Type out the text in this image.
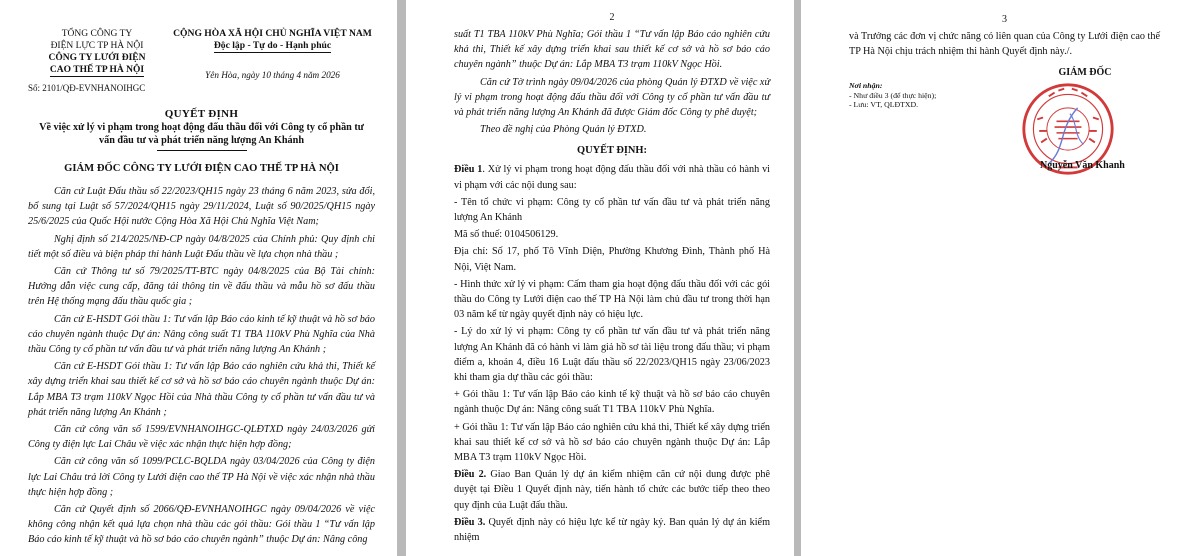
TỔNG CÔNG TY
ĐIỆN LỰC TP HÀ NỘI
CÔNG TY LƯỚI ĐIỆN
CAO THẾ TP HÀ NỘI
Số: 2101/QĐ-EVNHANOIHGC
CỘNG HÒA XÃ HỘI CHỦ NGHĨA VIỆT NAM
Độc lập - Tự do - Hạnh phúc
Yên Hòa, ngày 10 tháng 4 năm 2026
QUYẾT ĐỊNH
Về việc xử lý vi phạm trong hoạt động đấu thầu đối với Công ty cổ phần tư vấn đầu tư và phát triển năng lượng An Khánh
GIÁM ĐỐC CÔNG TY LƯỚI ĐIỆN CAO THẾ TP HÀ NỘI

Căn cứ Luật Đấu thầu số 22/2023/QH15 ngày 23 tháng 6 năm 2023, sửa đổi, bổ sung tại Luật số 57/2024/QH15 ngày 29/11/2024, Luật số 90/2025/QH15 ngày 25/6/2025 của Quốc Hội nước Cộng Hòa Xã Hội Chủ Nghĩa Việt Nam;

Nghị định số 214/2025/NĐ-CP ngày 04/8/2025 của Chính phủ: Quy định chi tiết một số điều và biện pháp thi hành Luật Đấu thầu về lựa chọn nhà thầu ;

Căn cứ Thông tư số 79/2025/TT-BTC ngày 04/8/2025 của Bộ Tài chính: Hướng dẫn việc cung cấp, đăng tải thông tin về đấu thầu và mẫu hồ sơ đấu thầu trên Hệ thống mạng đấu thầu quốc gia ;

Căn cứ E-HSDT Gói thầu 1: Tư vấn lập Báo cáo kinh tế kỹ thuật và hồ sơ báo cáo chuyên ngành thuộc Dự án: Nâng công suất T1 TBA 110kV Phù Nghĩa của Nhà thầu Công ty cổ phần tư vấn đầu tư và phát triển năng lượng An Khánh ;

Căn cứ E-HSDT Gói thầu 1: Tư vấn lập Báo cáo nghiên cứu khả thi, Thiết kế xây dựng triển khai sau thiết kế cơ sở và hồ sơ báo cáo chuyên ngành thuộc Dự án: Lắp MBA T3 trạm 110kV Ngọc Hồi của Nhà thầu Công ty cổ phần tư vấn đầu tư và phát triển năng lượng An Khánh ;

Căn cứ công văn số 1599/EVNHANOIHGC-QLĐTXD ngày 24/03/2026 gửi Công ty điện lực Lai Châu về việc xác nhận thực hiện hợp đồng;

Căn cứ công văn số 1099/PCLC-BQLDA ngày 03/04/2026 của Công ty điện lực Lai Châu trả lời Công ty Lưới điện cao thế TP Hà Nội về việc xác nhận nhà thầu thực hiện hợp đồng ;

Căn cứ Quyết định số 2066/QĐ-EVNHANOIHGC ngày 09/04/2026 về việc không công nhận kết quả lựa chọn nhà thầu các gói thầu: Gói thầu 1 “Tư vấn lập Báo cáo kinh tế kỹ thuật và hồ sơ báo cáo chuyên ngành” thuộc Dự án: Nâng công

2

suất T1 TBA 110kV Phù Nghĩa; Gói thầu 1 “Tư vấn lập Báo cáo nghiên cứu khả thi, Thiết kế xây dựng triển khai sau thiết kế cơ sở và hồ sơ báo cáo chuyên ngành” thuộc Dự án: Lắp MBA T3 trạm 110kV Ngọc Hồi.

Căn cứ Tờ trình ngày 09/04/2026 của phòng Quản lý ĐTXD về việc xử lý vi phạm trong hoạt động đấu thầu đối với Công ty cổ phần tư vấn đầu tư và phát triển năng lượng An Khánh đã được Giám đốc Công ty phê duyệt;

Theo đề nghị của Phòng Quản lý ĐTXD.

QUYẾT ĐỊNH:

Điều 1. Xử lý vi phạm trong hoạt động đấu thầu đối với nhà thầu có hành vi vi phạm với các nội dung sau:

- Tên tổ chức vi phạm: Công ty cổ phần tư vấn đầu tư và phát triển năng lượng An Khánh

Mã số thuế: 0104506129.

Địa chỉ: Số 17, phố Tô Vĩnh Diện, Phường Khương Đình, Thành phố Hà Nội, Việt Nam.

- Hình thức xử lý vi phạm: Cấm tham gia hoạt động đấu thầu đối với các gói thầu do Công ty Lưới điện cao thế TP Hà Nội làm chủ đầu tư trong thời hạn 03 năm kể từ ngày quyết định này có hiệu lực.

- Lý do xử lý vi phạm: Công ty cổ phần tư vấn đầu tư và phát triển năng lượng An Khánh đã có hành vi làm giả hồ sơ tài liệu trong đấu thầu; vi phạm điểm a, khoản 4, điều 16 Luật đấu thầu số 22/2023/QH15 ngày 23/06/2023 khi tham gia dự thầu các gói thầu:

+ Gói thầu 1: Tư vấn lập Báo cáo kinh tế kỹ thuật và hồ sơ báo cáo chuyên ngành thuộc Dự án: Nâng công suất T1 TBA 110kV Phù Nghĩa.

+ Gói thầu 1: Tư vấn lập Báo cáo nghiên cứu khả thi, Thiết kế xây dựng triển khai sau thiết kế cơ sở và hồ sơ báo cáo chuyên ngành thuộc Dự án: Lắp MBA T3 trạm 110kV Ngọc Hồi.

Điều 2. Giao Ban Quản lý dự án kiểm nhiệm căn cứ nội dung được phê duyệt tại Điều 1 Quyết định này, tiến hành tổ chức các bước tiếp theo theo quy định của Luật đấu thầu.

Điều 3. Quyết định này có hiệu lực kể từ ngày ký. Ban quản lý dự án kiểm nhiệm

3

và Trưởng các đơn vị chức năng có liên quan của Công ty Lưới điện cao thế TP Hà Nội chịu trách nhiệm thi hành Quyết định này./.

Nơi nhận:
- Như điều 3 (để thực hiện);
- Lưu: VT, QLĐTXD.
GIÁM ĐỐC
Nguyễn Văn Khanh
